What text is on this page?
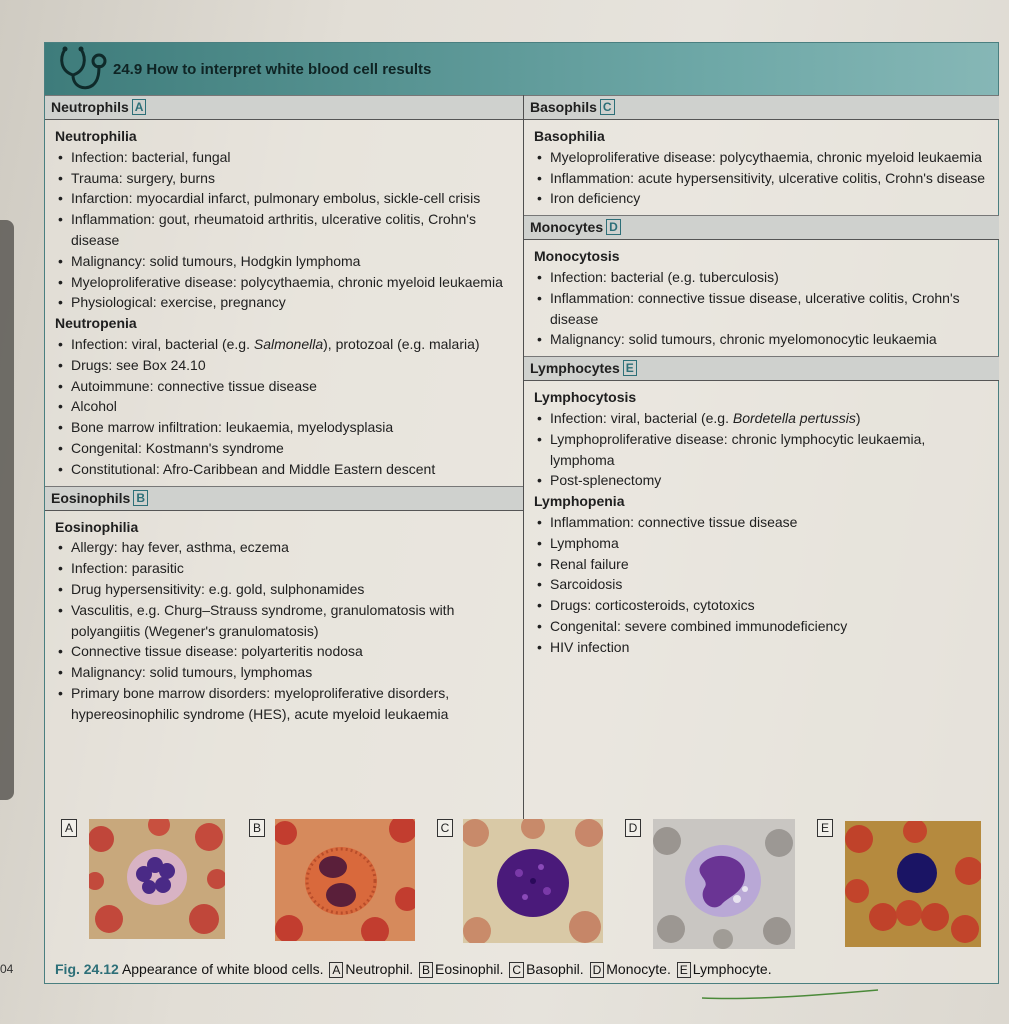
04
24.9 How to interpret white blood cell results
Neutrophils A
Neutrophilia
• Infection: bacterial, fungal
• Trauma: surgery, burns
• Infarction: myocardial infarct, pulmonary embolus, sickle-cell crisis
• Inflammation: gout, rheumatoid arthritis, ulcerative colitis, Crohn's disease
• Malignancy: solid tumours, Hodgkin lymphoma
• Myeloproliferative disease: polycythaemia, chronic myeloid leukaemia
• Physiological: exercise, pregnancy
Neutropenia
• Infection: viral, bacterial (e.g. Salmonella), protozoal (e.g. malaria)
• Drugs: see Box 24.10
• Autoimmune: connective tissue disease
• Alcohol
• Bone marrow infiltration: leukaemia, myelodysplasia
• Congenital: Kostmann's syndrome
• Constitutional: Afro-Caribbean and Middle Eastern descent
Eosinophils B
Eosinophilia
• Allergy: hay fever, asthma, eczema
• Infection: parasitic
• Drug hypersensitivity: e.g. gold, sulphonamides
• Vasculitis, e.g. Churg–Strauss syndrome, granulomatosis with polyangiitis (Wegener's granulomatosis)
• Connective tissue disease: polyarteritis nodosa
• Malignancy: solid tumours, lymphomas
• Primary bone marrow disorders: myeloproliferative disorders, hypereosinophilic syndrome (HES), acute myeloid leukaemia
Basophils C
Basophilia
• Myeloproliferative disease: polycythaemia, chronic myeloid leukaemia
• Inflammation: acute hypersensitivity, ulcerative colitis, Crohn's disease
• Iron deficiency
Monocytes D
Monocytosis
• Infection: bacterial (e.g. tuberculosis)
• Inflammation: connective tissue disease, ulcerative colitis, Crohn's disease
• Malignancy: solid tumours, chronic myelomonocytic leukaemia
Lymphocytes E
Lymphocytosis
• Infection: viral, bacterial (e.g. Bordetella pertussis)
• Lymphoproliferative disease: chronic lymphocytic leukaemia, lymphoma
• Post-splenectomy
Lymphopenia
• Inflammation: connective tissue disease
• Lymphoma
• Renal failure
• Sarcoidosis
• Drugs: corticosteroids, cytotoxics
• Congenital: severe combined immunodeficiency
• HIV infection
A	B	C	D	E
Fig. 24.12 Appearance of white blood cells. A Neutrophil. B Eosinophil. C Basophil. D Monocyte. E Lymphocyte.
